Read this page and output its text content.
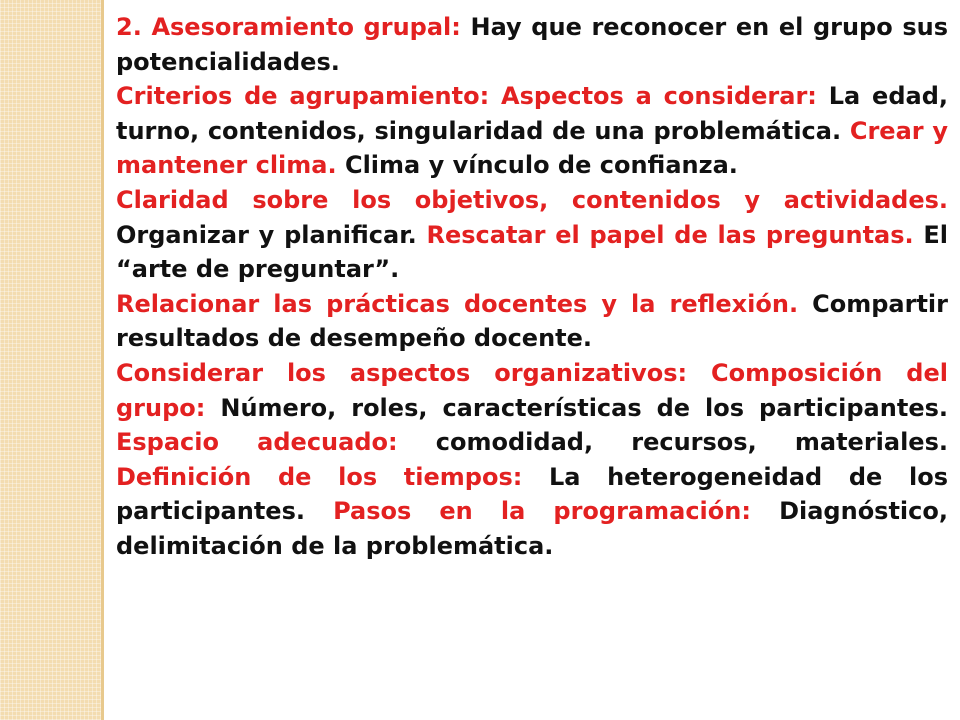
2. Asesoramiento grupal: Hay que reconocer en el grupo sus potencialidades.

Criterios de agrupamiento: Aspectos a considerar: La edad, turno, contenidos, singularidad de una problemática. Crear y mantener clima. Clima y vínculo de confianza.

Claridad sobre los objetivos, contenidos y actividades. Organizar y planificar. Rescatar el papel de las preguntas. El “arte de preguntar”.

Relacionar las prácticas docentes y la reflexión. Compartir resultados de desempeño docente.

Considerar los aspectos organizativos: Composición del grupo: Número, roles, características de los participantes. Espacio adecuado: comodidad, recursos, materiales. Definición de los tiempos: La heterogeneidad de los participantes. Pasos en la programación: Diagnóstico, delimitación de la problemática.
